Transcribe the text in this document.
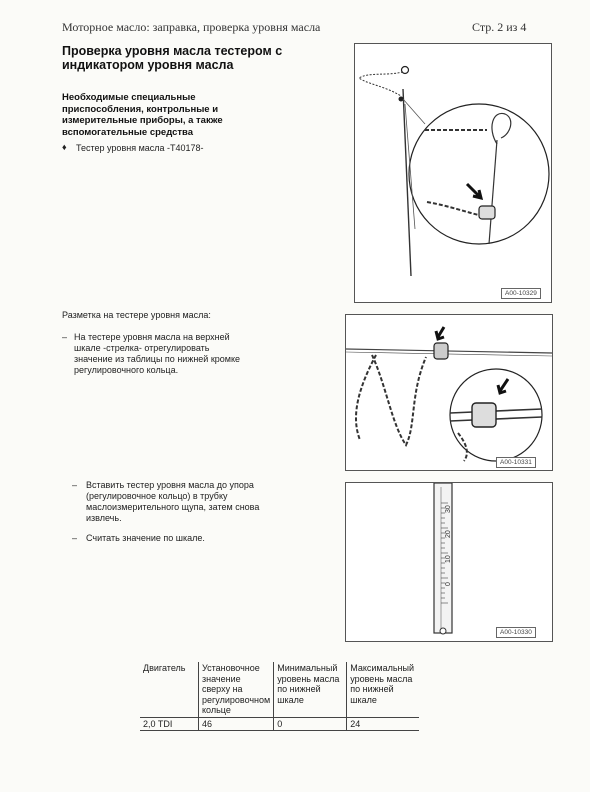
Моторное масло: заправка, проверка уровня масла	Стр. 2 из 4
Проверка уровня масла тестером с индикатором уровня масла
Необходимые специальные приспособления, контрольные и измерительные приборы, а также вспомогательные средства
♦ Тестер уровня масла -T40178-
A00-10329
Разметка на тестере уровня масла:
– На тестере уровня масла на верхней шкале -стрелка- отрегулировать значение из таблицы по нижней кромке регулировочного кольца.
A00-10331
– Вставить тестер уровня масла до упора (регулировочное кольцо) в трубку маслоизмерительного щупа, затем снова извлечь.
– Считать значение по шкале.
30
20
10
0
A00-10330
Двигатель	Установочное значение сверху на регулировочном кольце	Минимальный уровень масла по нижней шкале	Максимальный уровень масла по нижней шкале
2,0 TDI	46	0	24
